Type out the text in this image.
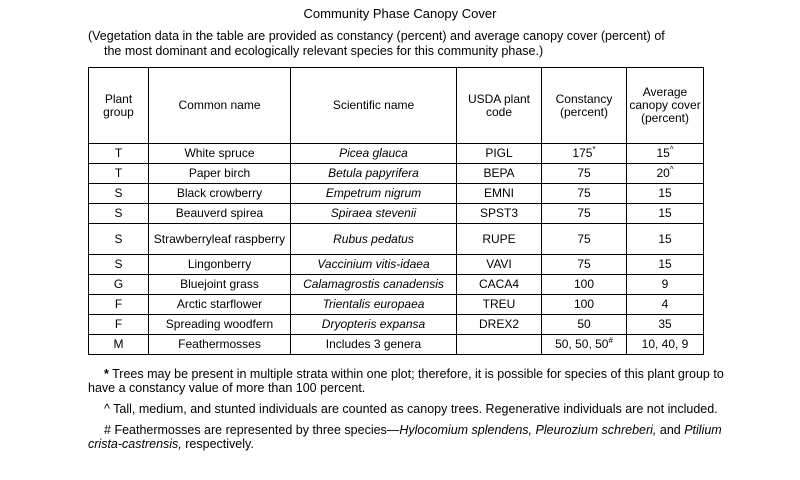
Community Phase Canopy Cover
(Vegetation data in the table are provided as constancy (percent) and average canopy cover (percent) of
the most dominant and ecologically relevant species for this community phase.)
Plant group	Common name	Scientific name	USDA plant code	Constancy (percent)	Average canopy cover (percent)
T	White spruce	Picea glauca	PIGL	175*	15^
T	Paper birch	Betula papyrifera	BEPA	75	20^
S	Black crowberry	Empetrum nigrum	EMNI	75	15
S	Beauverd spirea	Spiraea stevenii	SPST3	75	15
S	Strawberryleaf raspberry	Rubus pedatus	RUPE	75	15
S	Lingonberry	Vaccinium vitis-idaea	VAVI	75	15
G	Bluejoint grass	Calamagrostis canadensis	CACA4	100	9
F	Arctic starflower	Trientalis europaea	TREU	100	4
F	Spreading woodfern	Dryopteris expansa	DREX2	50	35
M	Feathermosses	Includes 3 genera		50, 50, 50#	10, 40, 9

* Trees may be present in multiple strata within one plot; therefore, it is possible for species of this plant group to have a constancy value of more than 100 percent.

^ Tall, medium, and stunted individuals are counted as canopy trees. Regenerative individuals are not included.

# Feathermosses are represented by three species—Hylocomium splendens, Pleurozium schreberi, and Ptilium crista-castrensis, respectively.
